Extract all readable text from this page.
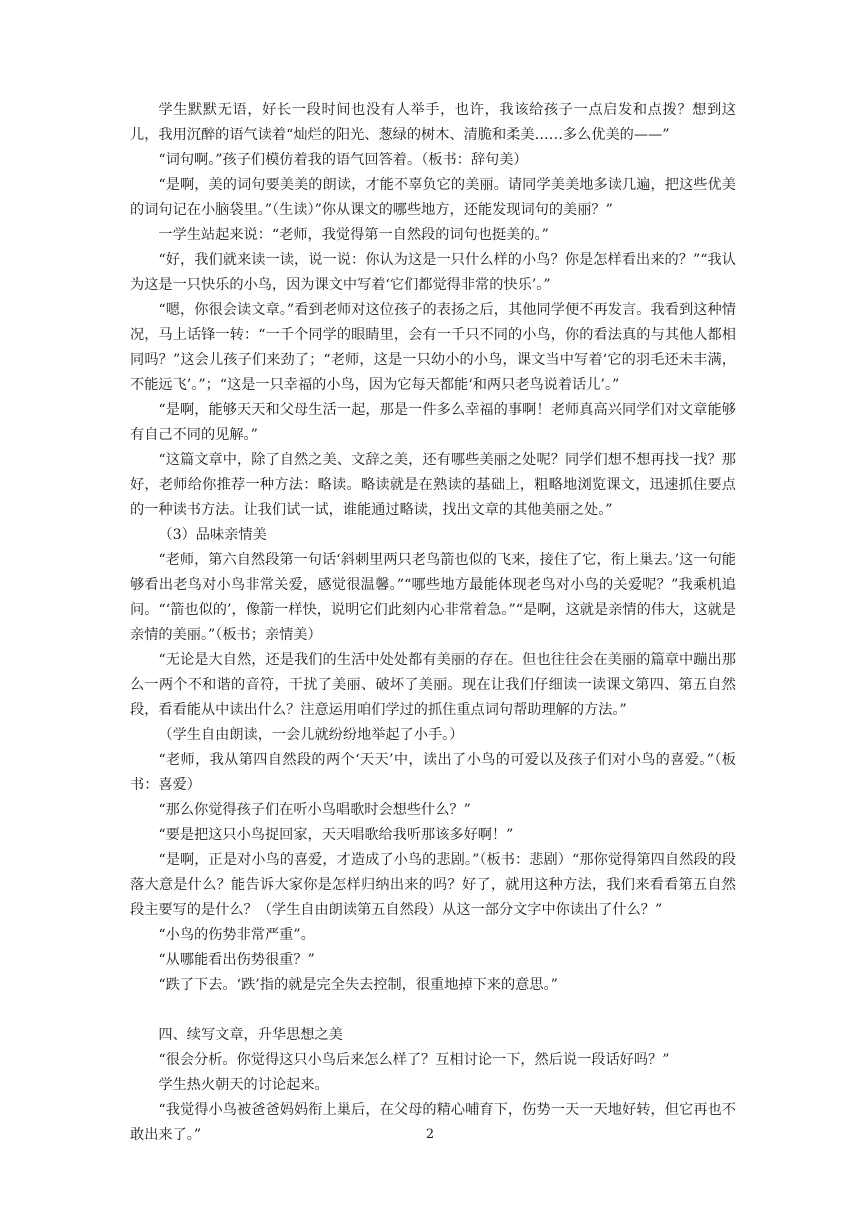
学生默默无语，好长一段时间也没有人举手，也许，我该给孩子一点启发和点拨？想到这儿，我用沉醉的语气读着“灿烂的阳光、葱绿的树木、清脆和柔美……多么优美的——”

“词句啊。”孩子们模仿着我的语气回答着。（板书：辞句美）

“是啊，美的词句要美美的朗读，才能不辜负它的美丽。请同学美美地多读几遍，把这些优美的词句记在小脑袋里。”（生读）”你从课文的哪些地方，还能发现词句的美丽？”

一学生站起来说：“老师，我觉得第一自然段的词句也挺美的。”

“好，我们就来读一读，说一说：你认为这是一只什么样的小鸟？你是怎样看出来的？”“我认为这是一只快乐的小鸟，因为课文中写着‘它们都觉得非常的快乐’。”

“嗯，你很会读文章。”看到老师对这位孩子的表扬之后，其他同学便不再发言。我看到这种情况，马上话锋一转：“一千个同学的眼睛里，会有一千只不同的小鸟，你的看法真的与其他人都相同吗？”这会儿孩子们来劲了；“老师，这是一只幼小的小鸟，课文当中写着‘它的羽毛还未丰满，不能远飞’。”；“这是一只幸福的小鸟，因为它每天都能‘和两只老鸟说着话儿’。”

“是啊，能够天天和父母生活一起，那是一件多么幸福的事啊！老师真高兴同学们对文章能够有自己不同的见解。”

“这篇文章中，除了自然之美、文辞之美，还有哪些美丽之处呢？同学们想不想再找一找？那好，老师给你推荐一种方法：略读。略读就是在熟读的基础上，粗略地浏览课文，迅速抓住要点的一种读书方法。让我们试一试，谁能通过略读，找出文章的其他美丽之处。”

（3）品味亲情美

“老师，第六自然段第一句话‘斜刺里两只老鸟箭也似的飞来，接住了它，衔上巢去。’这一句能够看出老鸟对小鸟非常关爱，感觉很温馨。”“哪些地方最能体现老鸟对小鸟的关爱呢？”我乘机追问。“‘箭也似的’，像箭一样快，说明它们此刻内心非常着急。”“是啊，这就是亲情的伟大，这就是亲情的美丽。”（板书；亲情美）

“无论是大自然，还是我们的生活中处处都有美丽的存在。但也往往会在美丽的篇章中蹦出那么一两个不和谐的音符，干扰了美丽、破坏了美丽。现在让我们仔细读一读课文第四、第五自然段，看看能从中读出什么？注意运用咱们学过的抓住重点词句帮助理解的方法。”

（学生自由朗读，一会儿就纷纷地举起了小手。）

“老师，我从第四自然段的两个‘天天’中，读出了小鸟的可爱以及孩子们对小鸟的喜爱。”（板书：喜爱）

“那么你觉得孩子们在听小鸟唱歌时会想些什么？”

“要是把这只小鸟捉回家，天天唱歌给我听那该多好啊！”

“是啊，正是对小鸟的喜爱，才造成了小鸟的悲剧。”（板书：悲剧）“那你觉得第四自然段的段落大意是什么？能告诉大家你是怎样归纳出来的吗？好了，就用这种方法，我们来看看第五自然段主要写的是什么？（学生自由朗读第五自然段）从这一部分文字中你读出了什么？”

“小鸟的伤势非常严重”。

“从哪能看出伤势很重？”

“跌了下去。‘跌’指的就是完全失去控制，很重地掉下来的意思。”

四、续写文章，升华思想之美

“很会分析。你觉得这只小鸟后来怎么样了？互相讨论一下，然后说一段话好吗？”

学生热火朝天的讨论起来。

“我觉得小鸟被爸爸妈妈衔上巢后，在父母的精心哺育下，伤势一天一天地好转，但它再也不敢出来了。”	2
